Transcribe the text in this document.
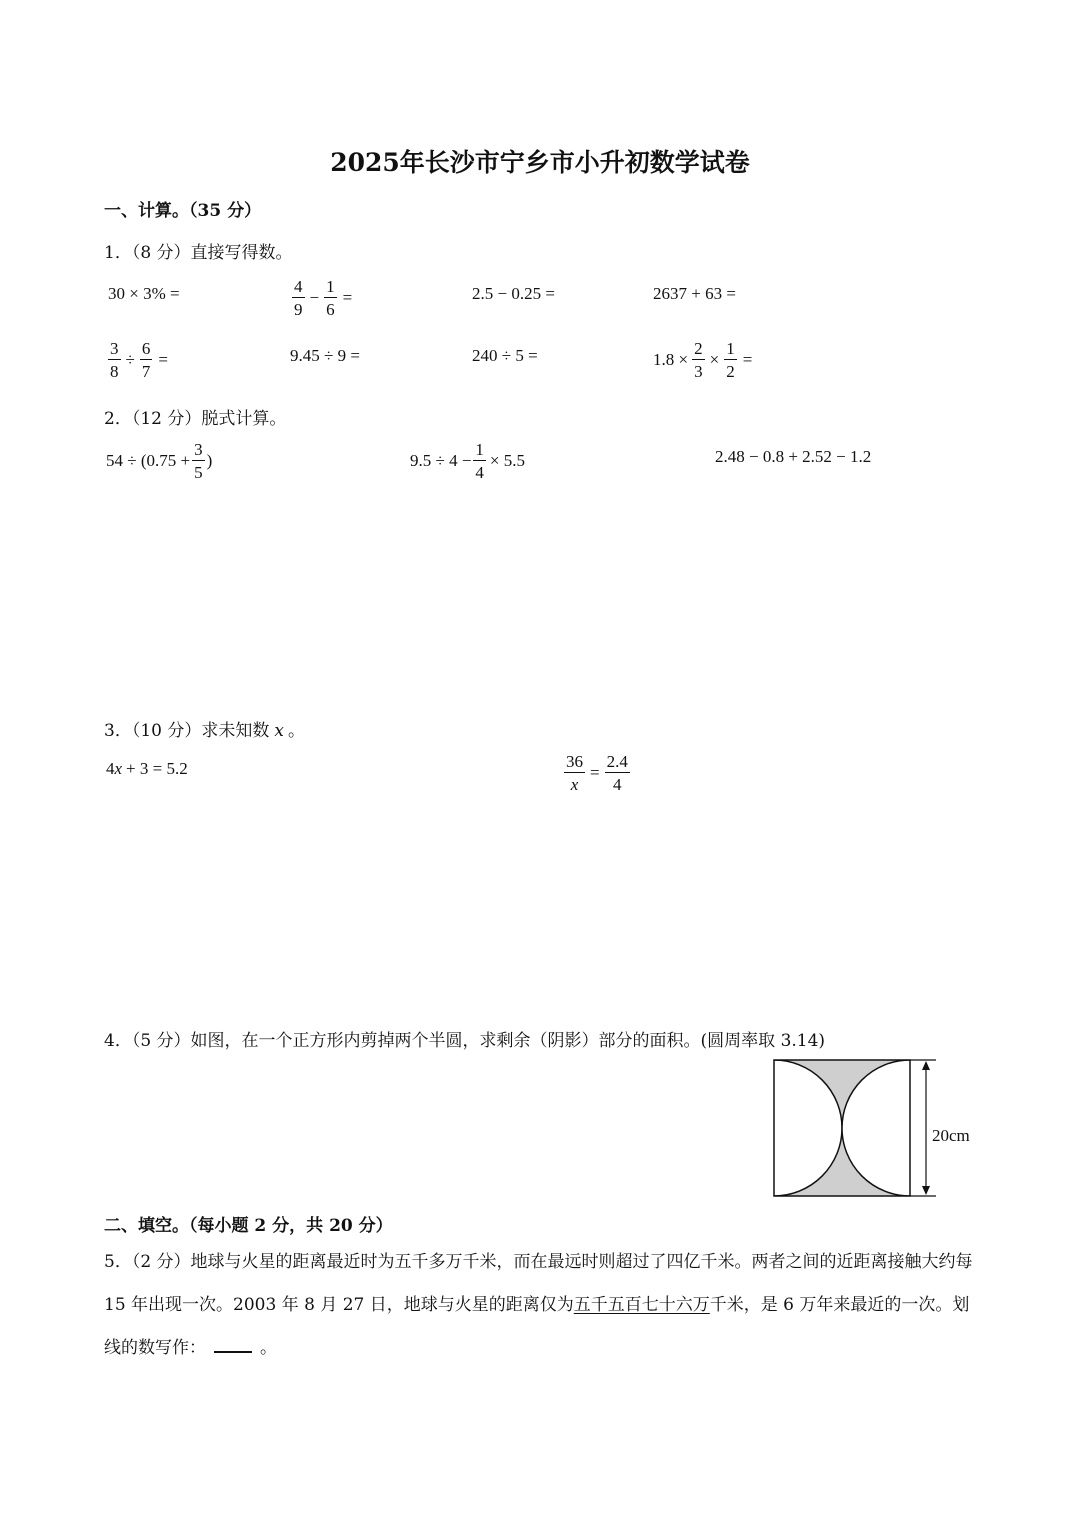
2025年长沙市宁乡市小升初数学试卷
一、计算。（35 分）
1．（8 分）直接写得数。
30 × 3% =	$\frac{4}{9} - \frac{1}{6}$ =	2.5 − 0.25 =	2637 + 63 =
$\frac{3}{8} \div \frac{6}{7}$ =	9.45 ÷ 9 =	240 ÷ 5 =	$1.8 \times \frac{2}{3} \times \frac{1}{2}$ =
2．（12 分）脱式计算。
$54 \div (0.75 + \frac{3}{5}$ )	$9.5 \div 4 - \frac{1}{4} \times 5.5$	2.48 − 0.8 + 2.52 − 1.2
3．（10 分）求未知数 x 。
4 x + 3 = 5.2	$\frac{36}{x} = \frac{2.4}{4}$
4．（5 分）如图，在一个正方形内剪掉两个半圆，求剩余（阴影）部分的面积。(圆周率取 3.14)
20cm
二、填空。（每小题 2 分，共 20 分）
5．（2 分）地球与火星的距离最近时为五千多万千米，而在最远时则超过了四亿千米。两者之间的近距离接触大约每 15 年出现一次。2003 年 8 月 27 日，地球与火星的距离仅为五千五百七十六万千米，是 6 万年来最近的一次。划线的数写作：	。
